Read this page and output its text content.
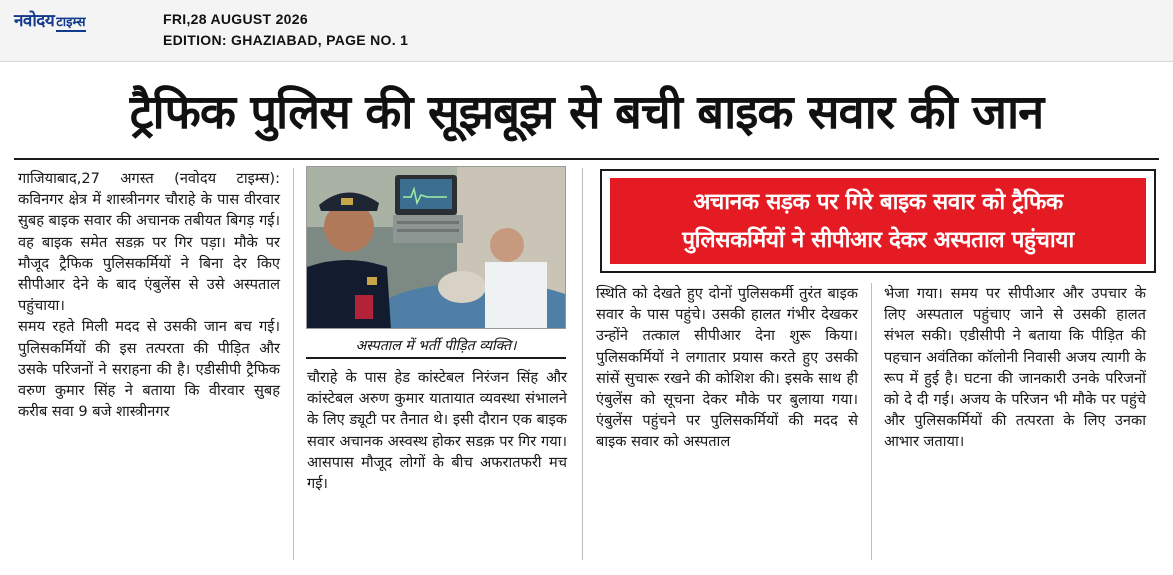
नवोदय टाइम्स	FRI,28 AUGUST 2026
EDITION: GHAZIABAD, PAGE NO. 1
ट्रैफिक पुलिस की सूझबूझ से बची बाइक सवार की जान

गाजियाबाद,27 अगस्त (नवोदय टाइम्स): कविनगर क्षेत्र में शास्त्रीनगर चौराहे के पास वीरवार सुबह बाइक सवार की अचानक तबीयत बिगड़ गई। वह बाइक समेत सडक़ पर गिर पड़ा। मौके पर मौजूद ट्रैफिक पुलिसकर्मियों ने बिना देर किए सीपीआर देने के बाद एंबुलेंस से उसे अस्पताल पहुंचाया।

समय रहते मिली मदद से उसकी जान बच गई। पुलिसकर्मियों की इस तत्परता की पीड़ित और उसके परिजनों ने सराहना की है। एडीसीपी ट्रैफिक वरुण कुमार सिंह ने बताया कि वीरवार सुबह करीब सवा 9 बजे शास्त्रीनगर

अस्पताल में भर्ती पीड़ित व्यक्ति।

चौराहे के पास हेड कांस्टेबल निरंजन सिंह और कांस्टेबल अरुण कुमार यातायात व्यवस्था संभालने के लिए ड्यूटी पर तैनात थे। इसी दौरान एक बाइक सवार अचानक अस्वस्थ होकर सडक़ पर गिर गया। आसपास मौजूद लोगों के बीच अफरातफरी मच गई।

अचानक सड़क पर गिरे बाइक सवार को ट्रैफिक
पुलिसकर्मियों ने सीपीआर देकर अस्पताल पहुंचाया

स्थिति को देखते हुए दोनों पुलिसकर्मी तुरंत बाइक सवार के पास पहुंचे। उसकी हालत गंभीर देखकर उन्होंने तत्काल सीपीआर देना शुरू किया। पुलिसकर्मियों ने लगातार प्रयास करते हुए उसकी सांसें सुचारू रखने की कोशिश की। इसके साथ ही एंबुलेंस को सूचना देकर मौके पर बुलाया गया। एंबुलेंस पहुंचने पर पुलिसकर्मियों की मदद से बाइक सवार को अस्पताल

भेजा गया। समय पर सीपीआर और उपचार के लिए अस्पताल पहुंचाए जाने से उसकी हालत संभल सकी। एडीसीपी ने बताया कि पीड़ित की पहचान अवंतिका कॉलोनी निवासी अजय त्यागी के रूप में हुई है। घटना की जानकारी उनके परिजनों को दे दी गई। अजय के परिजन भी मौके पर पहुंचे और पुलिसकर्मियों की तत्परता के लिए उनका आभार जताया।
